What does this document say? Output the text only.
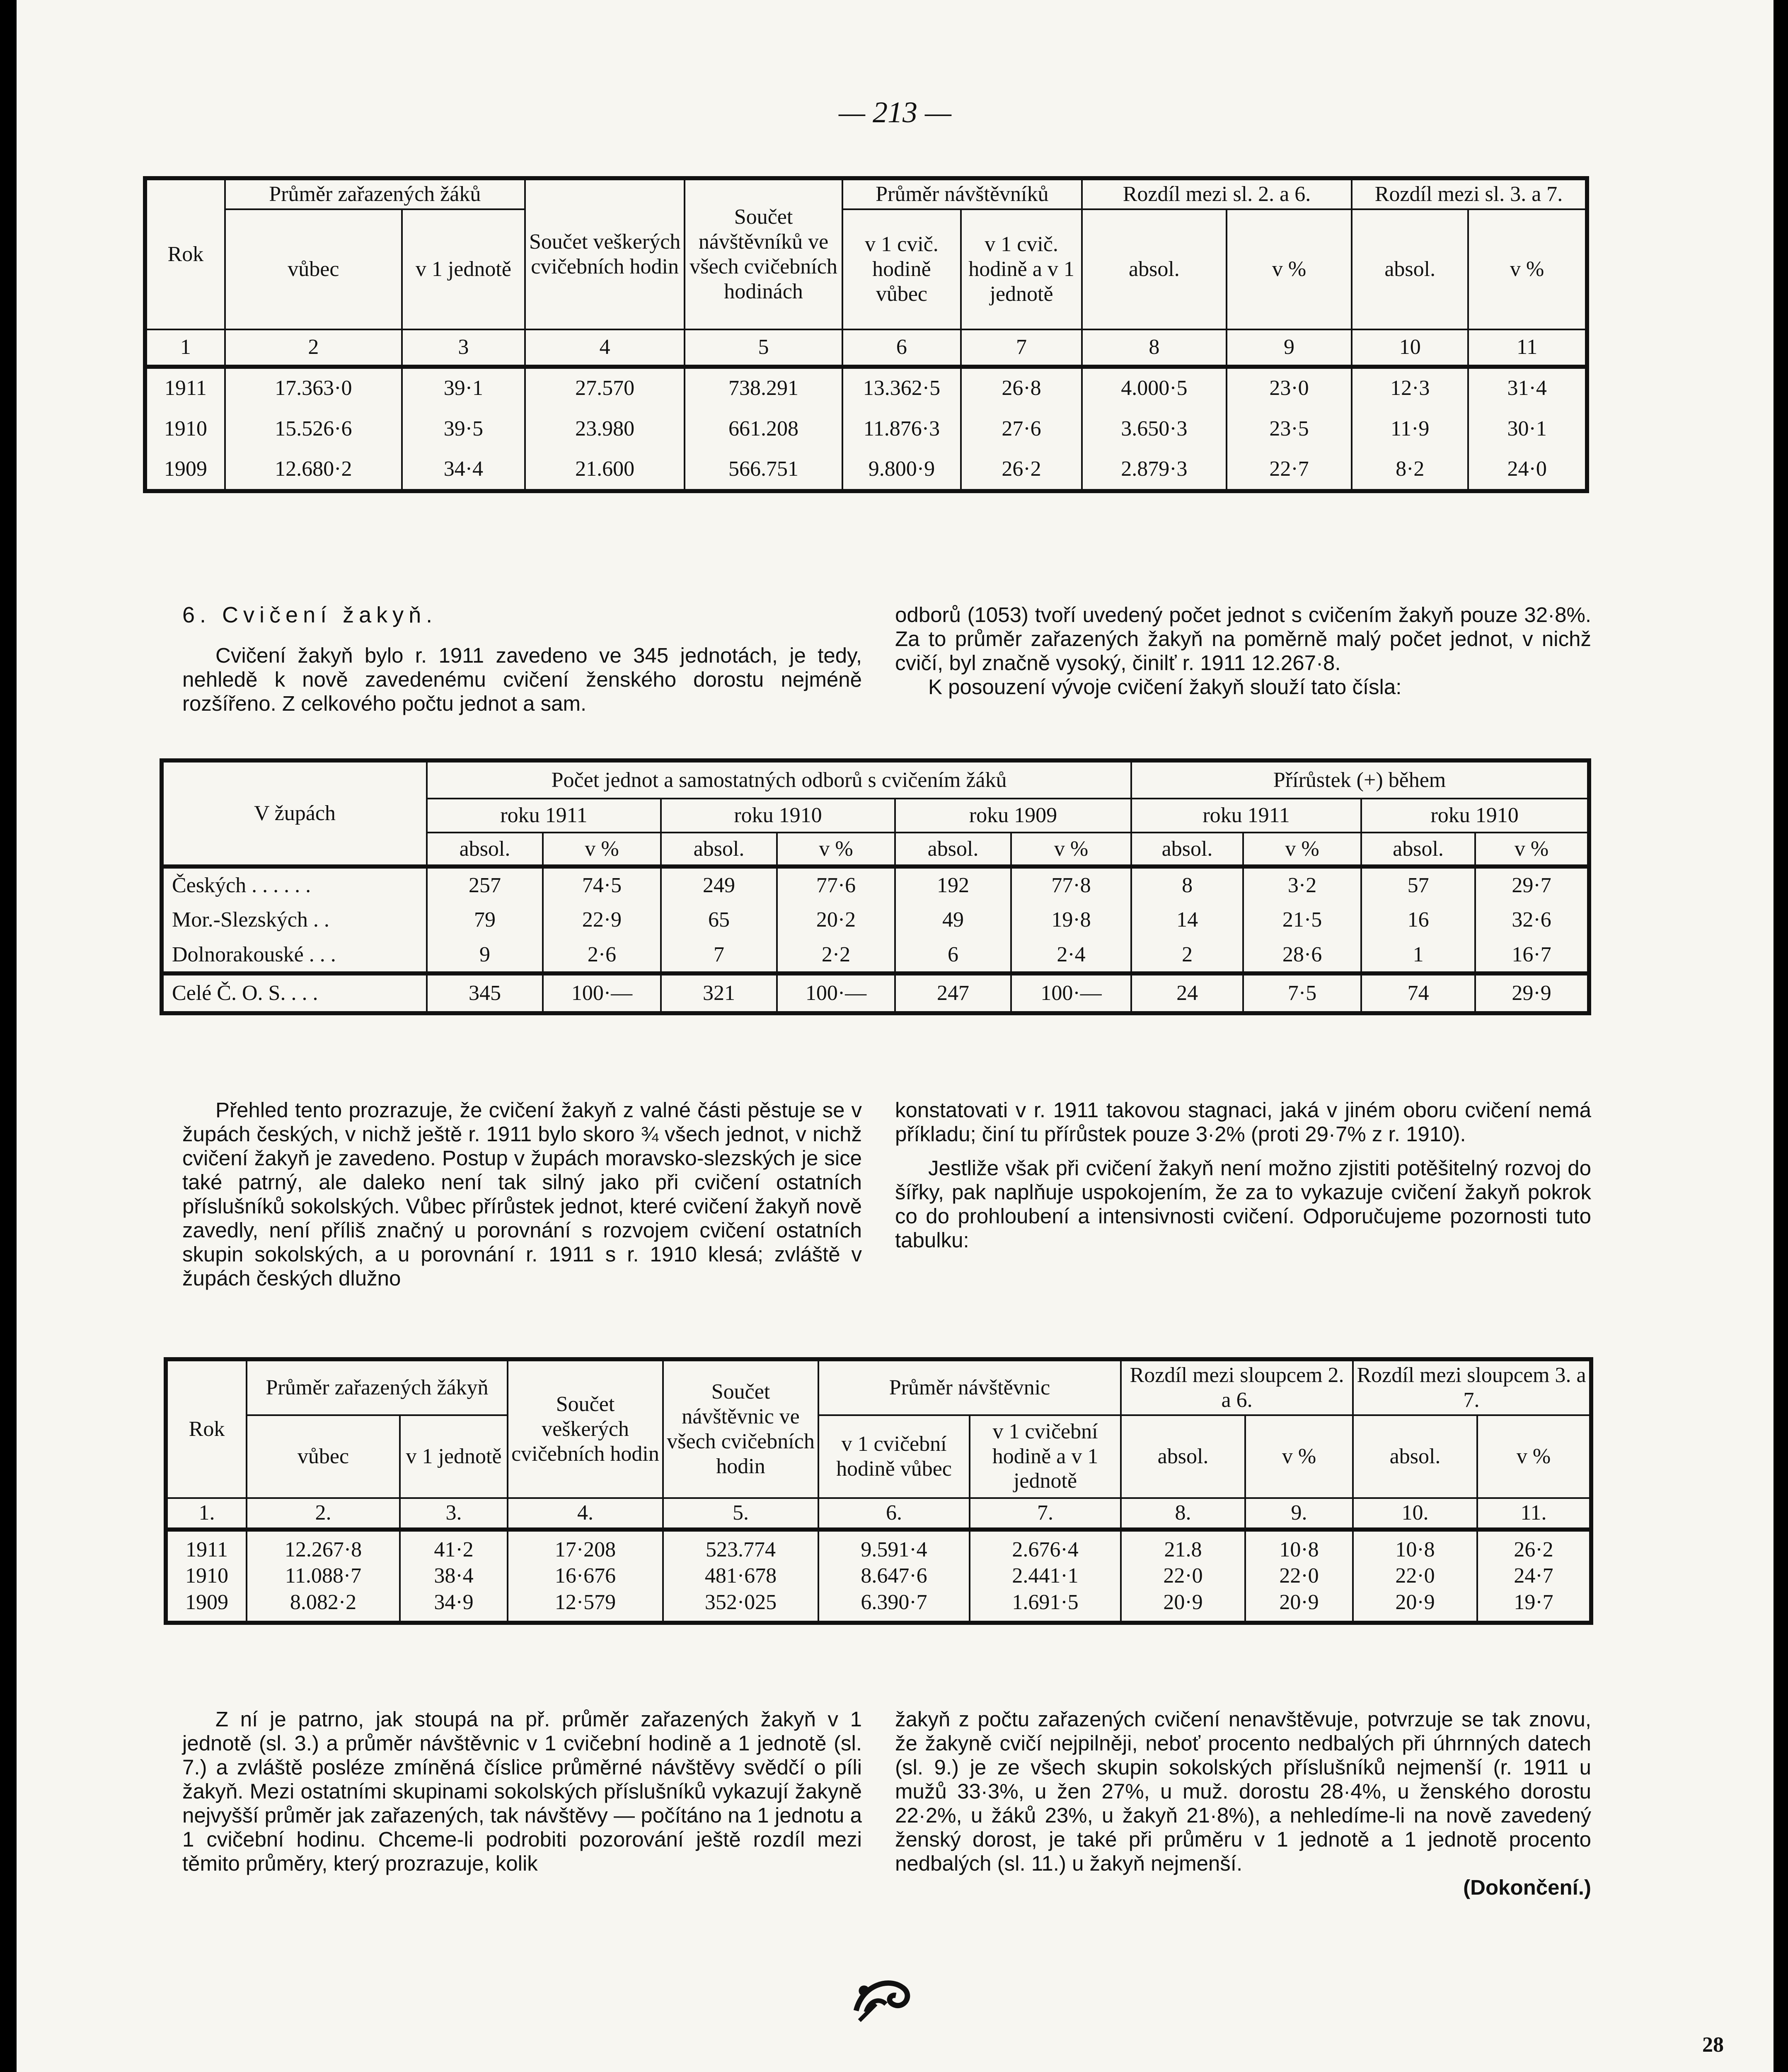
— 213 —
Rok	Průměr zařazených žáků		Součet veškerých cvičebních hodin	Součet návštěvníků ve všech cvičebních hodinách	Průměr návštěvníků		Rozdíl mezi sl. 2. a 6.		Rozdíl mezi sl. 3. a 7.	
	vůbec	v 1 jednotě			v 1 cvič. hodině vůbec	v 1 cvič. hodině a v 1 jednotě	absol.	v %	absol.	v %
1	2	3	4	5	6	7	8	9	10	11
1911	17.363·0	39·1	27.570	738.291	13.362·5	26·8	4.000·5	23·0	12·3	31·4
1910	15.526·6	39·5	23.980	661.208	11.876·3	27·6	3.650·3	23·5	11·9	30·1
1909	12.680·2	34·4	21.600	566.751	9.800·9	26·2	2.879·3	22·7	8·2	24·0

6. Cvičení žakyň.

Cvičení žakyň bylo r. 1911 zavedeno ve 345 jednotách, je tedy, nehledě k nově zavedenému cvičení ženského dorostu nejméně rozšířeno. Z celkového počtu jednot a sam.

odborů (1053) tvoří uvedený počet jednot s cvičením žakyň pouze 32·8%. Za to průměr zařazených žakyň na poměrně malý počet jednot, v nichž cvičí, byl značně vysoký, činilť r. 1911 12.267·8.

K posouzení vývoje cvičení žakyň slouží tato čísla:

V župách	Počet jednot a samostatných odborů s cvičením žáků						Přírůstek (+) během			
	roku 1911		roku 1910		roku 1909		roku 1911		roku 1910	
	absol.	v %	absol.	v %	absol.	v %	absol.	v %	absol.	v %
Českých . . . . . .	257	74·5	249	77·6	192	77·8	8	3·2	57	29·7
Mor.-Slezských . .	79	22·9	65	20·2	49	19·8	14	21·5	16	32·6
Dolnorakouské . . .	9	2·6	7	2·2	6	2·4	2	28·6	1	16·7
Celé Č. O. S. . . .	345	100·—	321	100·—	247	100·—	24	7·5	74	29·9

Přehled tento prozrazuje, že cvičení žakyň z valné části pěstuje se v župách českých, v nichž ještě r. 1911 bylo skoro ¾ všech jednot, v nichž cvičení žakyň je zavedeno. Postup v župách moravsko-slezských je sice také patrný, ale daleko není tak silný jako při cvičení ostatních příslušníků sokolských. Vůbec přírůstek jednot, které cvičení žakyň nově zavedly, není příliš značný u porovnání s rozvojem cvičení ostatních skupin sokolských, a u porovnání r. 1911 s r. 1910 klesá; zvláště v župách českých dlužno

konstatovati v r. 1911 takovou stagnaci, jaká v jiném oboru cvičení nemá příkladu; činí tu přírůstek pouze 3·2% (proti 29·7% z r. 1910).

Jestliže však při cvičení žakyň není možno zjistiti potěšitelný rozvoj do šířky, pak naplňuje uspokojením, že za to vykazuje cvičení žakyň pokrok co do prohloubení a intensivnosti cvičení. Odporučujeme pozornosti tuto tabulku:

Rok	Průměr zařazených žákyň		Součet veškerých cvičebních hodin	Součet návštěvnic ve všech cvičebních hodin	Průměr návštěvnic		Rozdíl mezi sloupcem 2. a 6.		Rozdíl mezi sloupcem 3. a 7.	
	vůbec	v 1 jednotě			v 1 cvičební hodině vůbec	v 1 cvičební hodině a v 1 jednotě	absol.	v %	absol.	v %
1.	2.	3.	4.	5.	6.	7.	8.	9.	10.	11.
1911	12.267·8	41·2	17·208	523.774	9.591·4	2.676·4	21.8	10·8	10·8	26·2
1910	11.088·7	38·4	16·676	481·678	8.647·6	2.441·1	22·0	22·0	22·0	24·7
1909	8.082·2	34·9	12·579	352·025	6.390·7	1.691·5	20·9	20·9	20·9	19·7

Z ní je patrno, jak stoupá na př. průměr zařazených žakyň v 1 jednotě (sl. 3.) a průměr návštěvnic v 1 cvičební hodině a 1 jednotě (sl. 7.) a zvláště posléze zmíněná číslice průměrné návštěvy svědčí o píli žakyň. Mezi ostatními skupinami sokolských příslušníků vykazují žakyně nejvyšší průměr jak zařazených, tak návštěvy — počítáno na 1 jednotu a 1 cvičební hodinu. Chceme-li podrobiti pozorování ještě rozdíl mezi těmito průměry, který prozrazuje, kolik

žakyň z počtu zařazených cvičení nenavštěvuje, potvrzuje se tak znovu, že žakyně cvičí nejpilněji, neboť procento nedbalých při úhrnných datech (sl. 9.) je ze všech skupin sokolských příslušníků nejmenší (r. 1911 u mužů 33·3%, u žen 27%, u muž. dorostu 28·4%, u ženského dorostu 22·2%, u žáků 23%, u žakyň 21·8%), a nehledíme-li na nově zavedený ženský dorost, je také při průměru v 1 jednotě a 1 jednotě procento nedbalých (sl. 11.) u žakyň nejmenší.

(Dokončení.)

28
